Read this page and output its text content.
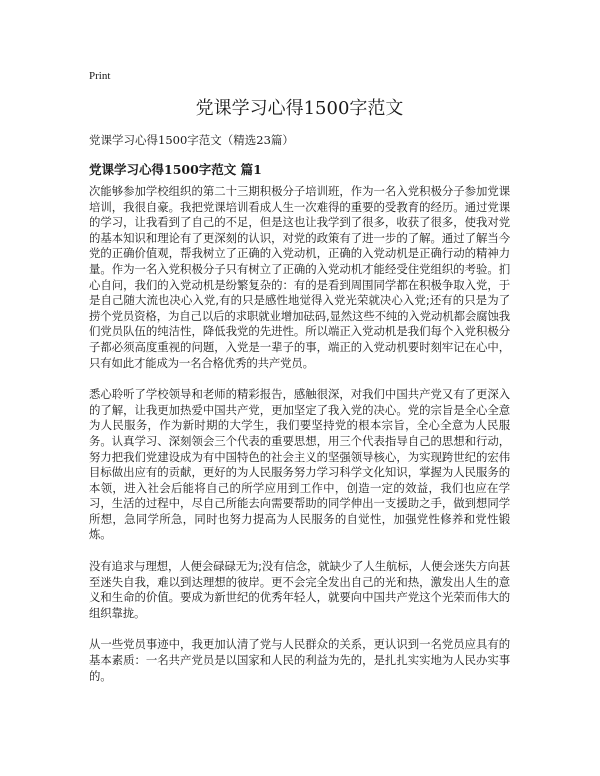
Print
党课学习心得1500字范文
党课学习心得1500字范文（精选23篇）
党课学习心得1500字范文 篇1

次能够参加学校组织的第二十三期积极分子培训班，作为一名入党积极分子参加党课培训，我很自豪。我把党课培训看成人生一次难得的重要的受教育的经历。通过党课的学习，让我看到了自己的不足，但是这也让我学到了很多，收获了很多，使我对党的基本知识和理论有了更深刻的认识，对党的政策有了进一步的了解。通过了解当今党的正确价值观，帮我树立了正确的入党动机，正确的入党动机是正确行动的精神力量。作为一名入党积极分子只有树立了正确的入党动机才能经受住党组织的考验。扪心自问，我们的入党动机是纷繁复杂的：有的是看到周围同学都在积极争取入党，于是自己随大流也决心入党,有的只是感性地觉得入党光荣就决心入党;还有的只是为了捞个党员资格，为自己以后的求职就业增加砝码,显然这些不纯的入党动机都会腐蚀我们党员队伍的纯洁性，降低我党的先进性。所以端正入党动机是我们每个入党积极分子都必须高度重视的问题，入党是一辈子的事，端正的入党动机要时刻牢记在心中，只有如此才能成为一名合格优秀的共产党员。

悉心聆听了学校领导和老师的精彩报告，感触很深，对我们中国共产党又有了更深入的了解，让我更加热爱中国共产党，更加坚定了我入党的决心。党的宗旨是全心全意为人民服务，作为新时期的大学生，我们要坚持党的根本宗旨，全心全意为人民服务。认真学习、深刻领会三个代表的重要思想，用三个代表指导自己的思想和行动，努力把我们党建设成为有中国特色的社会主义的坚强领导核心，为实现跨世纪的宏伟目标做出应有的贡献，更好的为人民服务努力学习科学文化知识，掌握为人民服务的本领，进入社会后能将自己的所学应用到工作中，创造一定的效益，我们也应在学习，生活的过程中，尽自己所能去向需要帮助的同学伸出一支援助之手，做到想同学所想，急同学所急，同时也努力提高为人民服务的自觉性，加强党性修养和党性锻炼。

没有追求与理想，人便会碌碌无为;没有信念，就缺少了人生航标，人便会迷失方向甚至迷失自我，难以到达理想的彼岸。更不会完全发出自己的光和热，激发出人生的意义和生命的价值。要成为新世纪的优秀年轻人，就要向中国共产党这个光荣而伟大的组织靠拢。

从一些党员事迹中，我更加认清了党与人民群众的关系，更认识到一名党员应具有的基本素质：一名共产党员是以国家和人民的利益为先的，是扎扎实实地为人民办实事的。
